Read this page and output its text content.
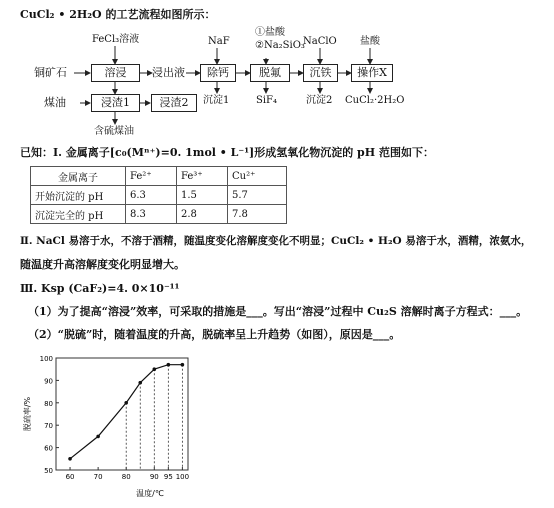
CuCl₂ • 2H₂O 的工艺流程如图所示：
铜矿石
FeCl₃溶液
溶浸	浸出液
NaF
除钙
①盐酸
②Na₂SiO₃
脱氟
NaClO
沉铁
盐酸
操作X
沉淀1	SiF₄	沉淀2 CuCl₂·2H₂O
煤油	浸渣1	浸渣2
含硫煤油
已知：Ⅰ. 金属离子[c₀(Mⁿ⁺)=0. 1mol • L⁻¹]形成氢氧化物沉淀的 pH 范围如下：
金属离子	Fe²⁺	Fe³⁺	Cu²⁺
开始沉淀的 pH	6.3	1.5	5.7
沉淀完全的 pH	8.3	2.8	7.8
Ⅱ. NaCl 易溶于水，不溶于酒精，随温度变化溶解度变化不明显；CuCl₂ • H₂O 易溶于水，酒精，浓氨水，
随温度升高溶解度变化明显增大。
Ⅲ. Ksp (CaF₂)=4. 0×10⁻¹¹
（1）为了提高“溶浸”效率，可采取的措施是___。写出“溶浸”过程中 Cu₂S 溶解时离子方程式：___。
（2）“脱硫”时，随着温度的升高，脱硫率呈上升趋势（如图），原因是___。
脱硫率/%
温度/℃
50
60
70
80
90
100
60	70	80	90 95 100
